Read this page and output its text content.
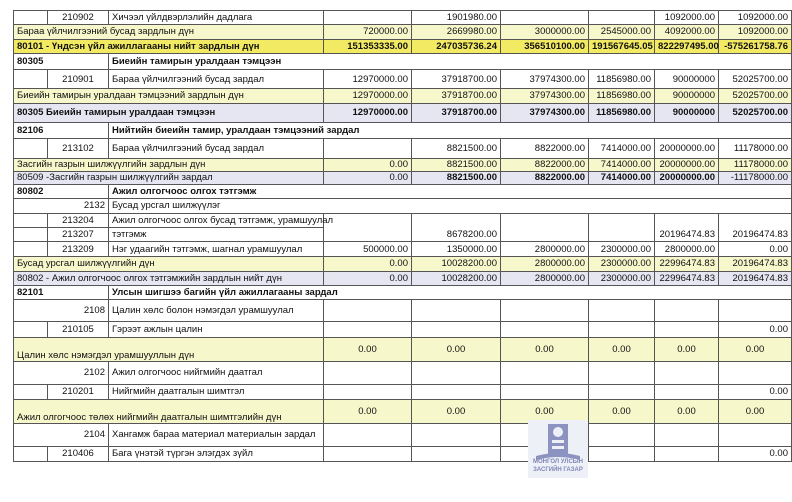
	210902	Хичээл үйлдвэрлэлийн дадлага		1901980.00			1092000.00	1092000.00
Бараа үйлчилгээний бусад зардлын дүн			720000.00	2669980.00	3000000.00	2545000.00	4092000.00	1092000.00
80101 - Үндсэн үйл ажиллагааны нийт зардлын дүн			151353335.00	247035736.24	356510100.00	191567645.05	822297495.00	-575261758.76
80305		Биеийн тамирын уралдаан тэмцээн						
	210901	Бараа үйлчилгээний бусад зардал	12970000.00	37918700.00	37974300.00	11856980.00	90000000	52025700.00
Биеийн тамирын уралдаан тэмцээний зардлын дүн			12970000.00	37918700.00	37974300.00	11856980.00	90000000	52025700.00
80305 Биеийн тамирын уралдаан тэмцээн			12970000.00	37918700.00	37974300.00	11856980.00	90000000	52025700.00
82106		Нийтийн биеийн тамир, уралдаан тэмцээний зардал						
	213102	Бараа үйлчилгээний бусад зардал		8821500.00	8822000.00	7414000.00	20000000.00	11178000.00
Засгийн газрын шилжүүлгийн зардлын дүн			0.00	8821500.00	8822000.00	7414000.00	20000000.00	11178000.00
80509 -Засгийн газрын шилжүүлгийн зардал			0.00	8821500.00	8822000.00	7414000.00	20000000.00	-11178000.00
80802		Ажил олгогчоос олгох тэтгэмж						
2132		Бусад урсгал шилжүүлэг						
	213204	Ажил олгогчоос олгох бусад тэтгэмж, урамшуулал						
	213207	тэтгэмж		8678200.00			20196474.83	20196474.83
	213209	Нэг удаагийн тэтгэмж, шагнал урамшуулал	500000.00	1350000.00	2800000.00	2300000.00	2800000.00	0.00
Бусад урсгал шилжүүлгийн дүн			0.00	10028200.00	2800000.00	2300000.00	22996474.83	20196474.83
80802 - Ажил олгогчоос олгох тэтгэмжийн зардлын нийт дүн			0.00	10028200.00	2800000.00	2300000.00	22996474.83	20196474.83
82101		Улсын шигшээ багийн үйл ажиллагааны зардал						
2108		Цалин хөлс болон нэмэгдэл урамшуулал						
	210105	Гэрээт ажлын цалин						0.00
Цалин хөлс нэмэгдэл урамшууллын дүн			0.00	0.00	0.00	0.00	0.00	0.00
2102		Ажил олгогчоос нийгмийн даатгал						
	210201	Нийгмийн даатгалын шимтгэл						0.00
Ажил олгогчоос төлөх нийгмийн даатгалын шимтгэлийн дүн			0.00	0.00	0.00	0.00	0.00	0.00
2104		Хангамж бараа материал материалын зардал						
	210406	Бага үнэтэй түргэн элэгдэх зүйл						0.00
МОНГОЛ УЛСЫН
ЗАСГИЙН ГАЗАР
